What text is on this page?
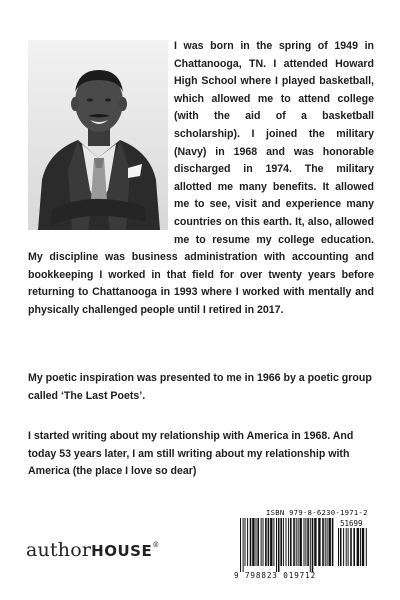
I was born in the spring of 1949 in Chattanooga, TN. I attended Howard High School where I played basketball, which allowed me to attend college (with the aid of a basketball scholarship). I joined the military (Navy) in 1968 and was honorable discharged in 1974. The military allotted me many benefits. It allowed me to see, visit and experience many countries on this earth. It, also, allowed me to resume my college education. My discipline was business administration with accounting and bookkeeping I worked in that field for over twenty years before returning to Chattanooga in 1993 where I worked with mentally and physically challenged people until I retired in 2017.

My poetic inspiration was presented to me in 1966 by a poetic group called ‘The Last Poets’.

I started writing about my relationship with America in 1968. And today 53 years later, I am still writing about my relationship with America (the place I love so dear)

authorHOUSE®
ISBN 979-8-6230-1971-2
51699
9 798823 019712
